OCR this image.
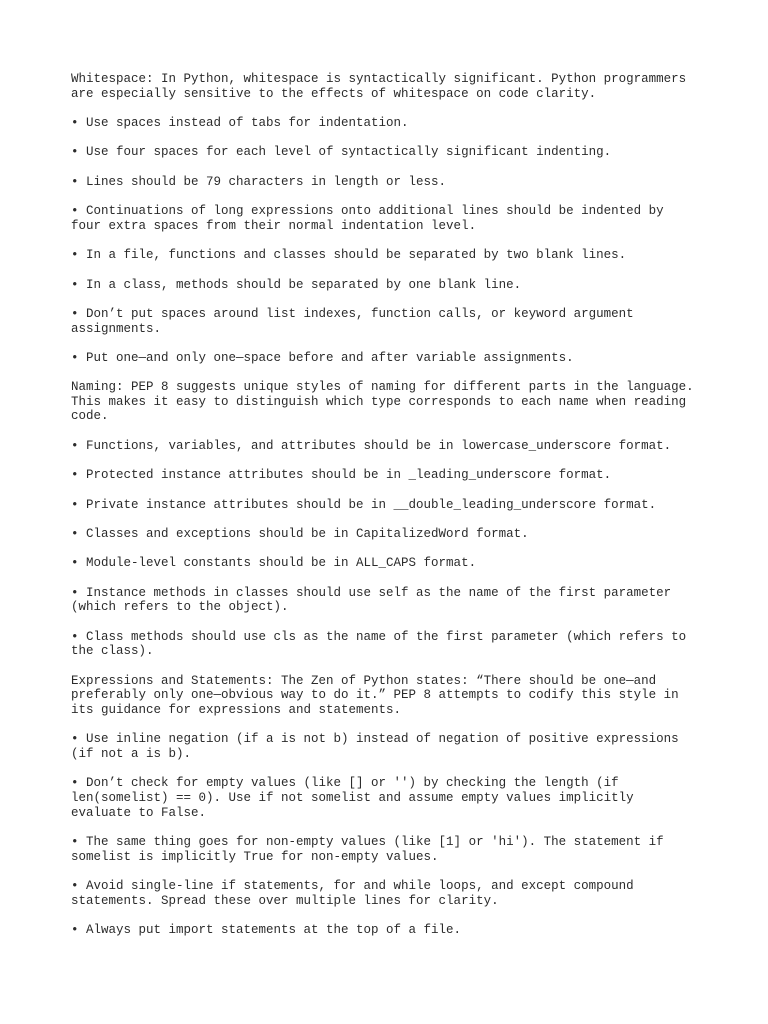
Whitespace: In Python, whitespace is syntactically significant. Python programmers
are especially sensitive to the effects of whitespace on code clarity.

• Use spaces instead of tabs for indentation.

• Use four spaces for each level of syntactically significant indenting.

• Lines should be 79 characters in length or less.

• Continuations of long expressions onto additional lines should be indented by
four extra spaces from their normal indentation level.

• In a file, functions and classes should be separated by two blank lines.

• In a class, methods should be separated by one blank line.

• Don’t put spaces around list indexes, function calls, or keyword argument
assignments.

• Put one—and only one—space before and after variable assignments.

Naming: PEP 8 suggests unique styles of naming for different parts in the language.
This makes it easy to distinguish which type corresponds to each name when reading
code.

• Functions, variables, and attributes should be in lowercase_underscore format.

• Protected instance attributes should be in _leading_underscore format.

• Private instance attributes should be in __double_leading_underscore format.

• Classes and exceptions should be in CapitalizedWord format.

• Module-level constants should be in ALL_CAPS format.

• Instance methods in classes should use self as the name of the first parameter
(which refers to the object).

• Class methods should use cls as the name of the first parameter (which refers to
the class).

Expressions and Statements: The Zen of Python states: “There should be one—and
preferably only one—obvious way to do it.” PEP 8 attempts to codify this style in
its guidance for expressions and statements.

• Use inline negation (if a is not b) instead of negation of positive expressions
(if not a is b).

• Don’t check for empty values (like [] or '') by checking the length (if
len(somelist) == 0). Use if not somelist and assume empty values implicitly
evaluate to False.

• The same thing goes for non-empty values (like [1] or 'hi'). The statement if
somelist is implicitly True for non-empty values.

• Avoid single-line if statements, for and while loops, and except compound
statements. Spread these over multiple lines for clarity.

• Always put import statements at the top of a file.
